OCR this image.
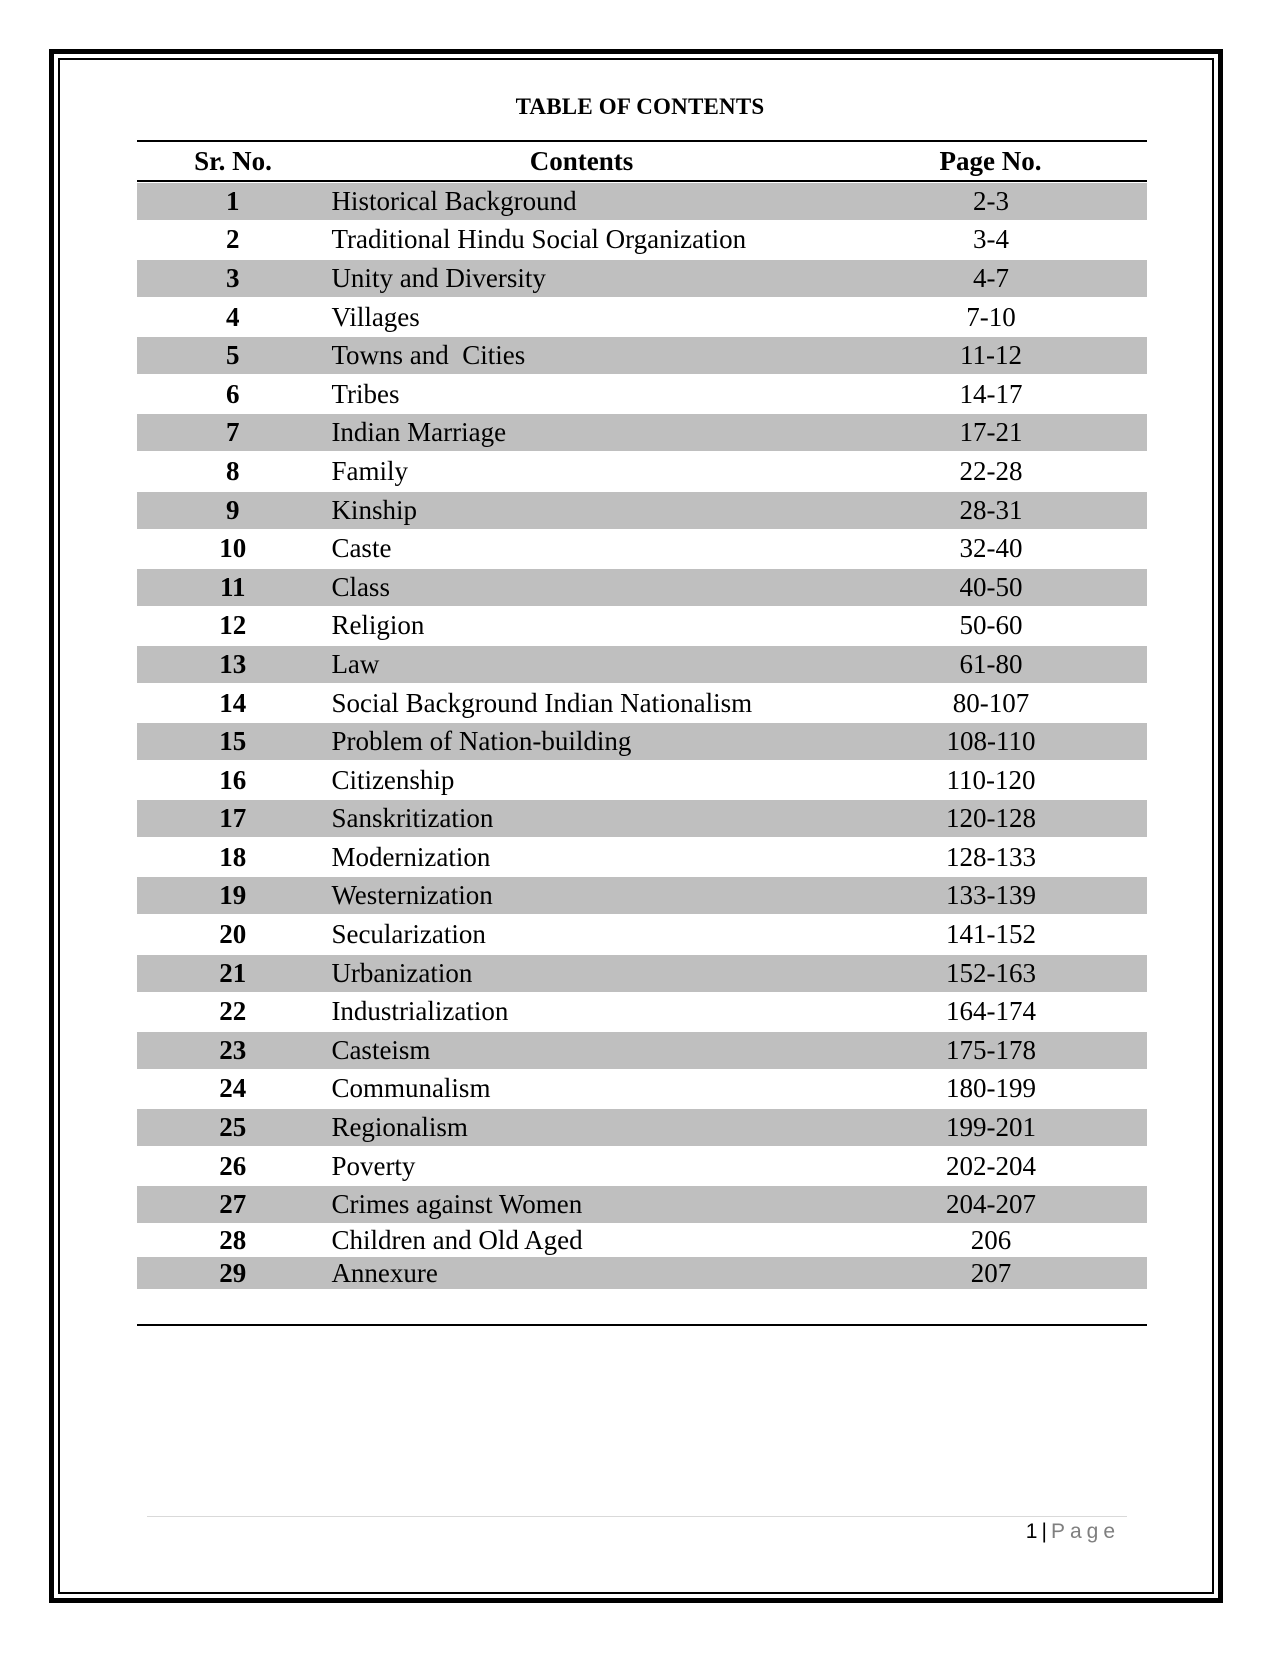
TABLE OF CONTENTS
Sr. No.	Contents	Page No.
1	Historical Background	2-3
2	Traditional Hindu Social Organization	3-4
3	Unity and Diversity	4-7
4	Villages	7-10
5	Towns and  Cities	11-12
6	Tribes	14-17
7	Indian Marriage	17-21
8	Family	22-28
9	Kinship	28-31
10	Caste	32-40
11	Class	40-50
12	Religion	50-60
13	Law	61-80
14	Social Background Indian Nationalism	80-107
15	Problem of Nation-building	108-110
16	Citizenship	110-120
17	Sanskritization	120-128
18	Modernization	128-133
19	Westernization	133-139
20	Secularization	141-152
21	Urbanization	152-163
22	Industrialization	164-174
23	Casteism	175-178
24	Communalism	180-199
25	Regionalism	199-201
26	Poverty	202-204
27	Crimes against Women	204-207
28	Children and Old Aged	206
29	Annexure	207
1 | Page
